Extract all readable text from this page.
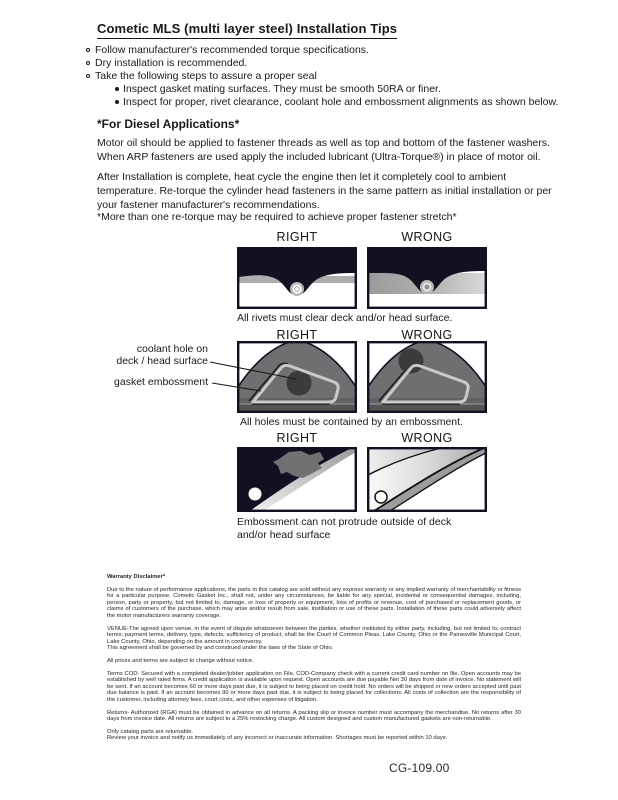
Cometic MLS (multi layer steel) Installation Tips
Follow manufacturer's recommended torque specifications.
Dry installation is recommended.
Take the following steps to assure a proper seal
Inspect gasket mating surfaces. They must be smooth 50RA or finer.
Inspect for proper, rivet clearance, coolant hole and embossment alignments as shown below.
*For Diesel Applications*
Motor oil should be applied to fastener threads as well as top and bottom of the fastener washers. When ARP fasteners are used apply the included lubricant (Ultra-Torque®) in place of motor oil.
After Installation is complete, heat cycle the engine then let it completely cool to ambient temperature. Re-torque the cylinder head fasteners in the same pattern as initial installation or per your fastener manufacturer's recommendations.
*More than one re-torque may be required to achieve proper fastener stretch*
RIGHT	WRONG
All rivets must clear deck and/or head surface.
RIGHT	WRONG
coolant hole on
deck / head surface
gasket embossment
All holes must be contained by an embossment.
RIGHT	WRONG
Embossment can not protrude outside of deck
and/or head surface
Warranty Disclaimer*

Due to the nature of performance applications, the parts in this catalog are sold without any express warranty or any implied warranty of merchantability or fitness for a particular purpose. Cometic Gasket Inc., shall not, under any circumstances, be liable for any special, incidental or consequential damages, including, person, party or property, but not limited to, damage, or loss of property or equipment, loss of profits or revenue, cost of purchased or replacement goods, or claims of customers of the purchase, which may arise and/or result from sale, instillation or use of these parts. Installation of these parts could adversely affect the motor manufacturers warranty coverage.

VENUE-The agreed upon venue, in the event of dispute whatsoever between the parties, whether instituted by either party, including, but not limited to, contract terms, payment terms, delivery, type, defects, sufficiency of product, shall be the Court of Common Pleas, Lake County, Ohio or the Painesville Municipal Court, Lake County, Ohio, depending on the amount in controversy.
This agreement shall be governed by and construed under the laws of the State of Ohio.

All prices and terms are subject to change without notice.

Terms COD- Secured with a completed dealer/jobber application on File, COD-Company check with a current credit card number on file. Open accounts may be established by well rated firms. A credit application is available upon request. Open accounts are due payable Net 30 days from date of invoice. No statement will be sent. If an account becomes 60 or more days past due, it is subject to being placed on credit hold. No orders will be shipped or new orders accepted until past due balance is paid. If an account becomes 90 or more days past due, it is subject to being placed for collections. All costs of collection are the responsibility of the customer, including attorney fees, court costs, and other expenses of litigation.

Returns- Authorized (RGA) must be obtained in advance on all returns. A packing slip or invoice number must accompany the merchandise. No returns after 30 days from invoice date. All returns are subject to a 25% restocking charge. All custom designed and custom manufactured gaskets are non-returnable.

Only catalog parts are returnable.
Review your invoice and notify us immediately of any incorrect or inaccurate information. Shortages must be reported within 10 days.

CG-109.00
